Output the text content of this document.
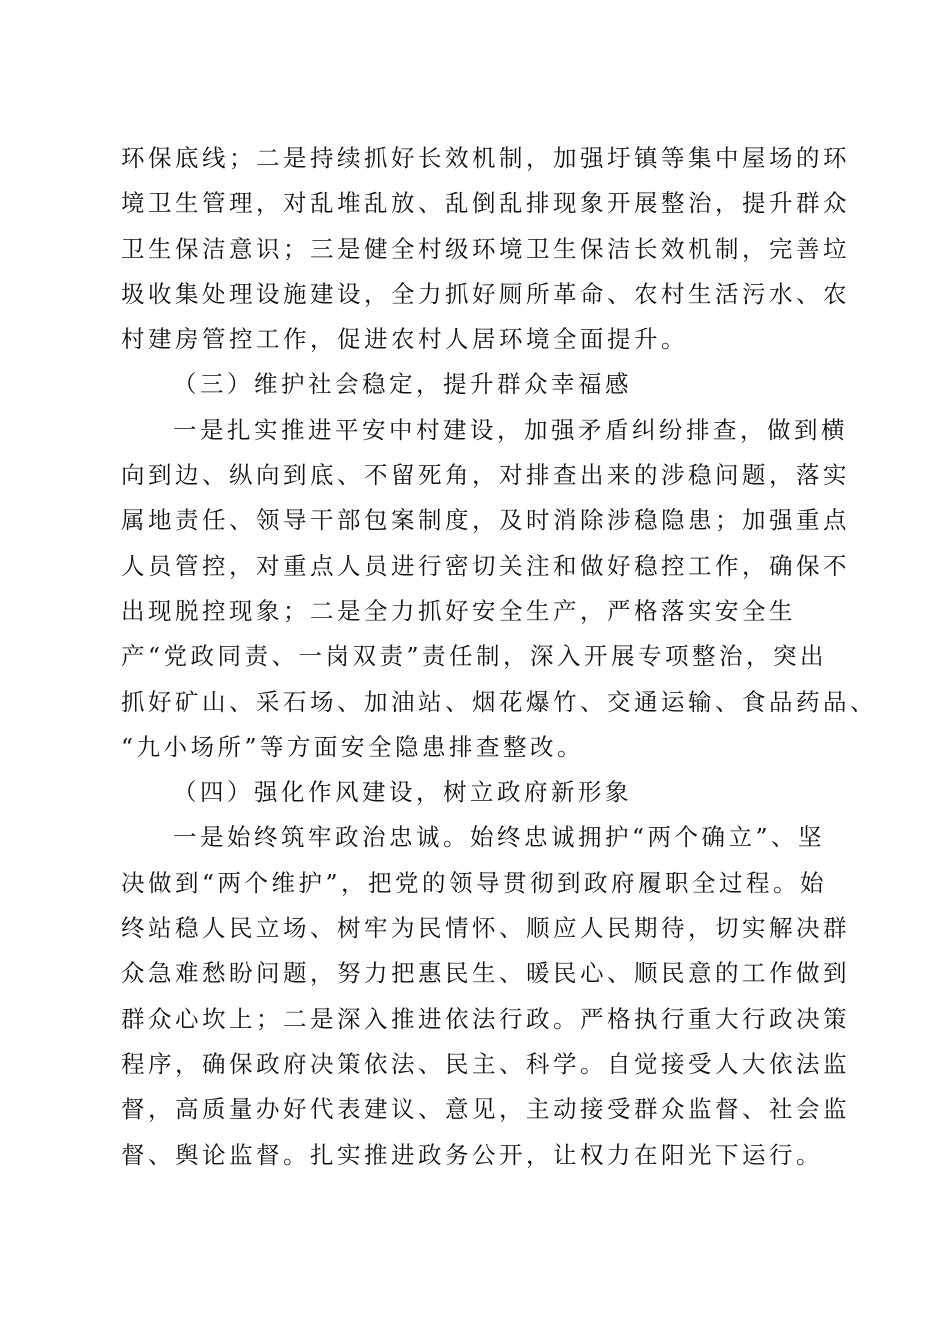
环保底线；二是持续抓好长效机制，加强圩镇等集中屋场的环
境卫生管理，对乱堆乱放、乱倒乱排现象开展整治，提升群众
卫生保洁意识；三是健全村级环境卫生保洁长效机制，完善垃
圾收集处理设施建设，全力抓好厕所革命、农村生活污水、农
村建房管控工作，促进农村人居环境全面提升。
（三）维护社会稳定，提升群众幸福感
一是扎实推进平安中村建设，加强矛盾纠纷排查，做到横
向到边、纵向到底、不留死角，对排查出来的涉稳问题，落实
属地责任、领导干部包案制度，及时消除涉稳隐患；加强重点
人员管控，对重点人员进行密切关注和做好稳控工作，确保不
出现脱控现象；二是全力抓好安全生产，严格落实安全生
产“党政同责、一岗双责”责任制，深入开展专项整治，突出
抓好矿山、采石场、加油站、烟花爆竹、交通运输、食品药品、
“九小场所”等方面安全隐患排查整改。
（四）强化作风建设，树立政府新形象
一是始终筑牢政治忠诚。始终忠诚拥护“两个确立”、坚
决做到“两个维护”，把党的领导贯彻到政府履职全过程。始
终站稳人民立场、树牢为民情怀、顺应人民期待，切实解决群
众急难愁盼问题，努力把惠民生、暖民心、顺民意的工作做到
群众心坎上；二是深入推进依法行政。严格执行重大行政决策
程序，确保政府决策依法、民主、科学。自觉接受人大依法监
督，高质量办好代表建议、意见，主动接受群众监督、社会监
督、舆论监督。扎实推进政务公开，让权力在阳光下运行。
